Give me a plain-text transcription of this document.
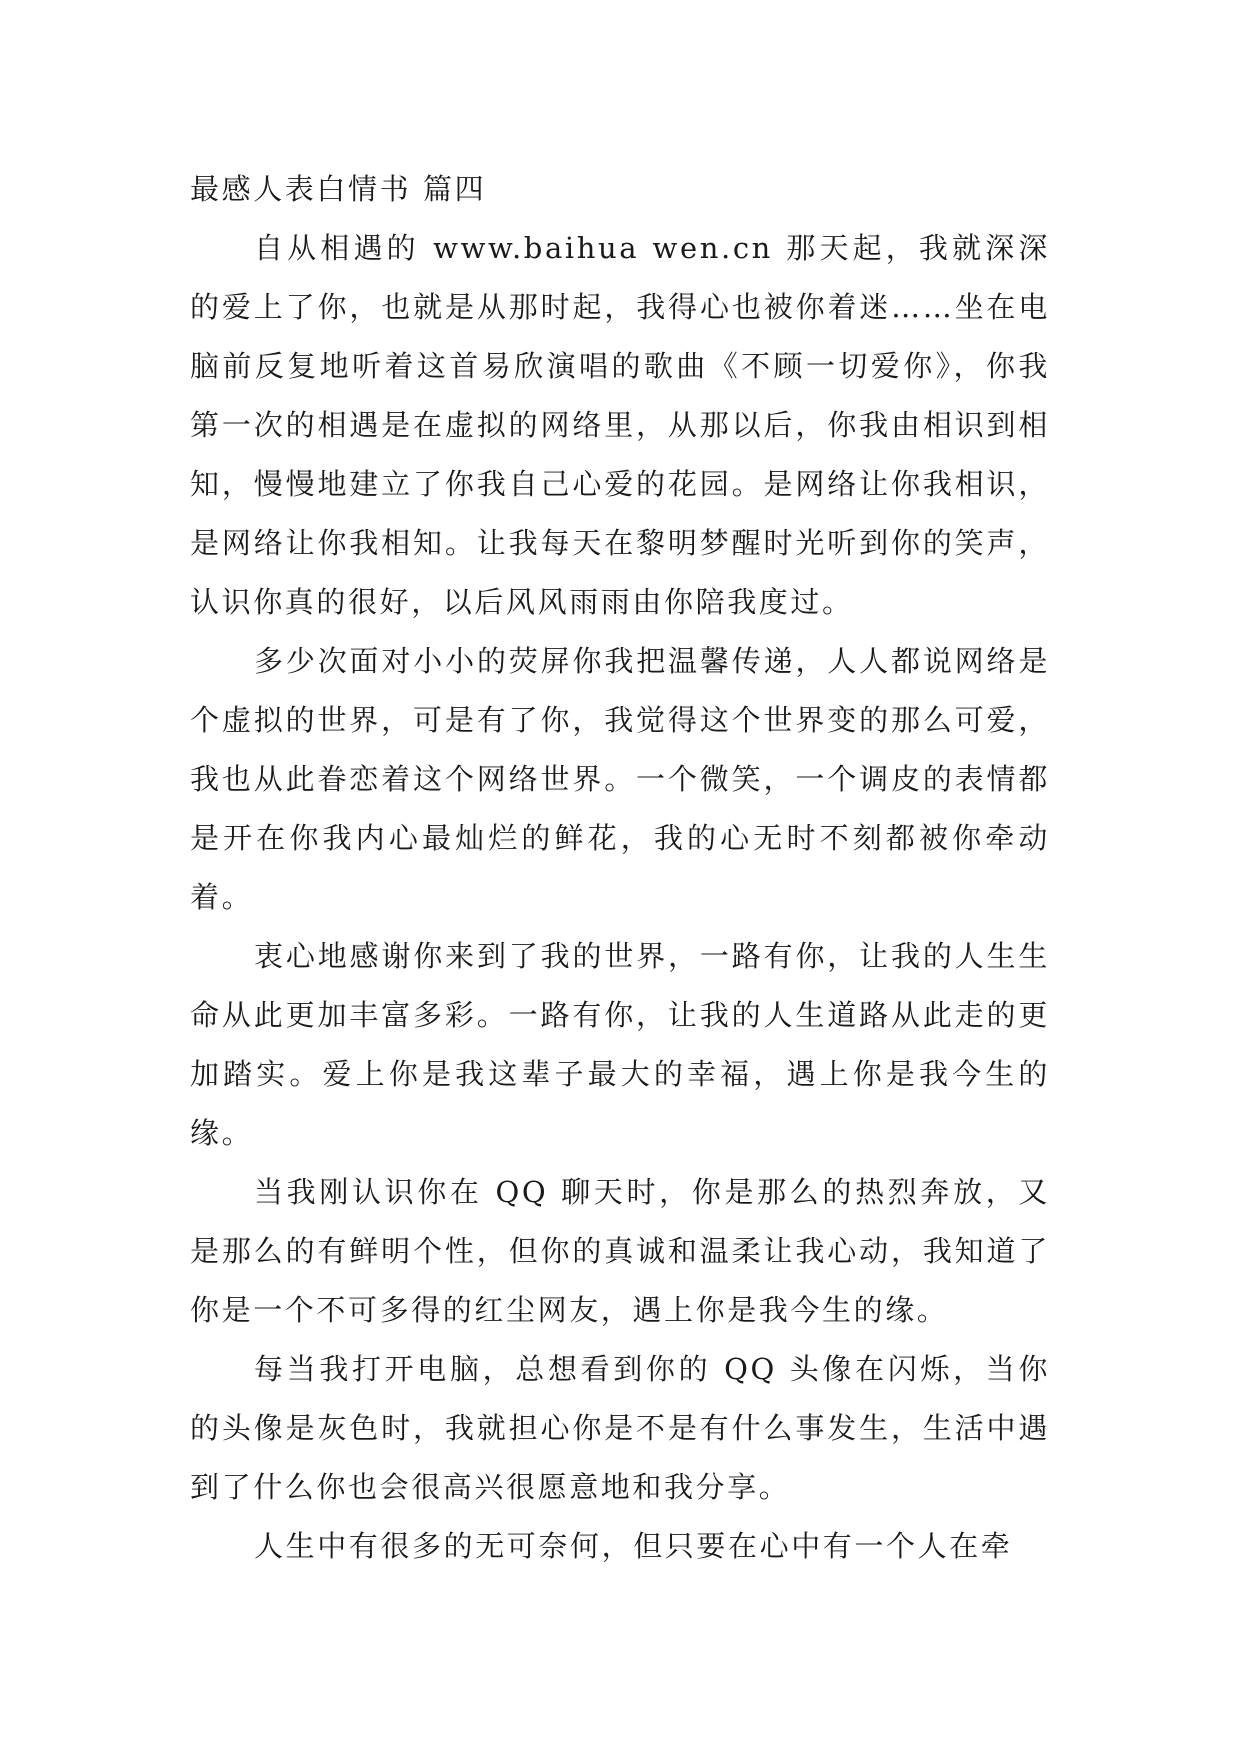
最感人表白情书 篇四

自从相遇的 www.baihua wen.cn 那天起，我就深深的爱上了你，也就是从那时起，我得心也被你着迷……坐在电脑前反复地听着这首易欣演唱的歌曲《不顾一切爱你》，你我第一次的相遇是在虚拟的网络里，从那以后，你我由相识到相知，慢慢地建立了你我自己心爱的花园。是网络让你我相识，是网络让你我相知。让我每天在黎明梦醒时光听到你的笑声，认识你真的很好，以后风风雨雨由你陪我度过。

多少次面对小小的荧屏你我把温馨传递，人人都说网络是个虚拟的世界，可是有了你，我觉得这个世界变的那么可爱，我也从此眷恋着这个网络世界。一个微笑，一个调皮的表情都是开在你我内心最灿烂的鲜花，我的心无时不刻都被你牵动着。

衷心地感谢你来到了我的世界，一路有你，让我的人生生命从此更加丰富多彩。一路有你，让我的人生道路从此走的更加踏实。爱上你是我这辈子最大的幸福，遇上你是我今生的缘。

当我刚认识你在 QQ 聊天时，你是那么的热烈奔放，又是那么的有鲜明个性，但你的真诚和温柔让我心动，我知道了你是一个不可多得的红尘网友，遇上你是我今生的缘。

每当我打开电脑，总想看到你的 QQ 头像在闪烁，当你的头像是灰色时，我就担心你是不是有什么事发生，生活中遇到了什么你也会很高兴很愿意地和我分享。

人生中有很多的无可奈何，但只要在心中有一个人在牵
